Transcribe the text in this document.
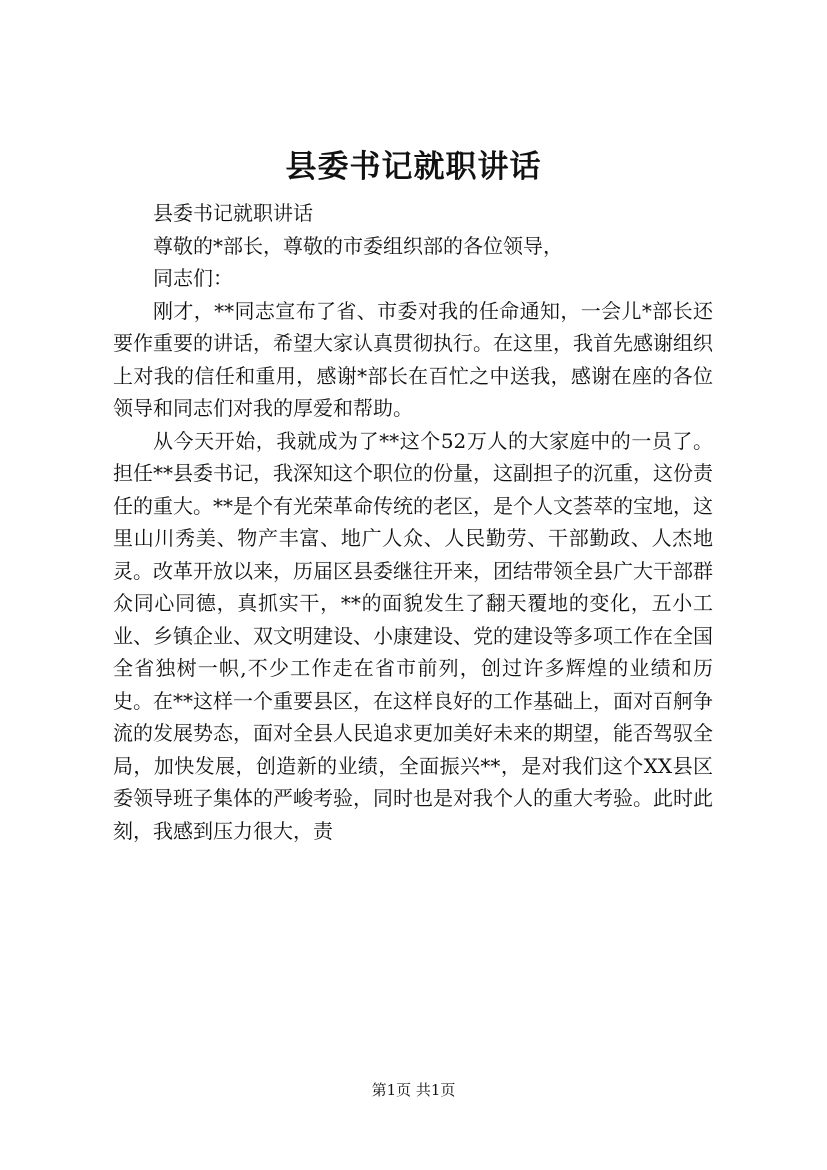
县委书记就职讲话

县委书记就职讲话

尊敬的*部长，尊敬的市委组织部的各位领导，

同志们：

刚才，**同志宣布了省、市委对我的任命通知，一会儿*部长还要作重要的讲话，希望大家认真贯彻执行。在这里，我首先感谢组织上对我的信任和重用，感谢*部长在百忙之中送我，感谢在座的各位领导和同志们对我的厚爱和帮助。

从今天开始，我就成为了**这个52万人的大家庭中的一员了。担任**县委书记，我深知这个职位的份量，这副担子的沉重，这份责任的重大。**是个有光荣革命传统的老区，是个人文荟萃的宝地，这里山川秀美、物产丰富、地广人众、人民勤劳、干部勤政、人杰地灵。改革开放以来，历届区县委继往开来，团结带领全县广大干部群众同心同德，真抓实干，**的面貌发生了翻天覆地的变化，五小工业、乡镇企业、双文明建设、小康建设、党的建设等多项工作在全国全省独树一帜,不少工作走在省市前列，创过许多辉煌的业绩和历史。在**这样一个重要县区，在这样良好的工作基础上，面对百舸争流的发展势态，面对全县人民追求更加美好未来的期望，能否驾驭全局，加快发展，创造新的业绩，全面振兴**，是对我们这个XX县区委领导班子集体的严峻考验，同时也是对我个人的重大考验。此时此刻，我感到压力很大，责

第1页 共1页
